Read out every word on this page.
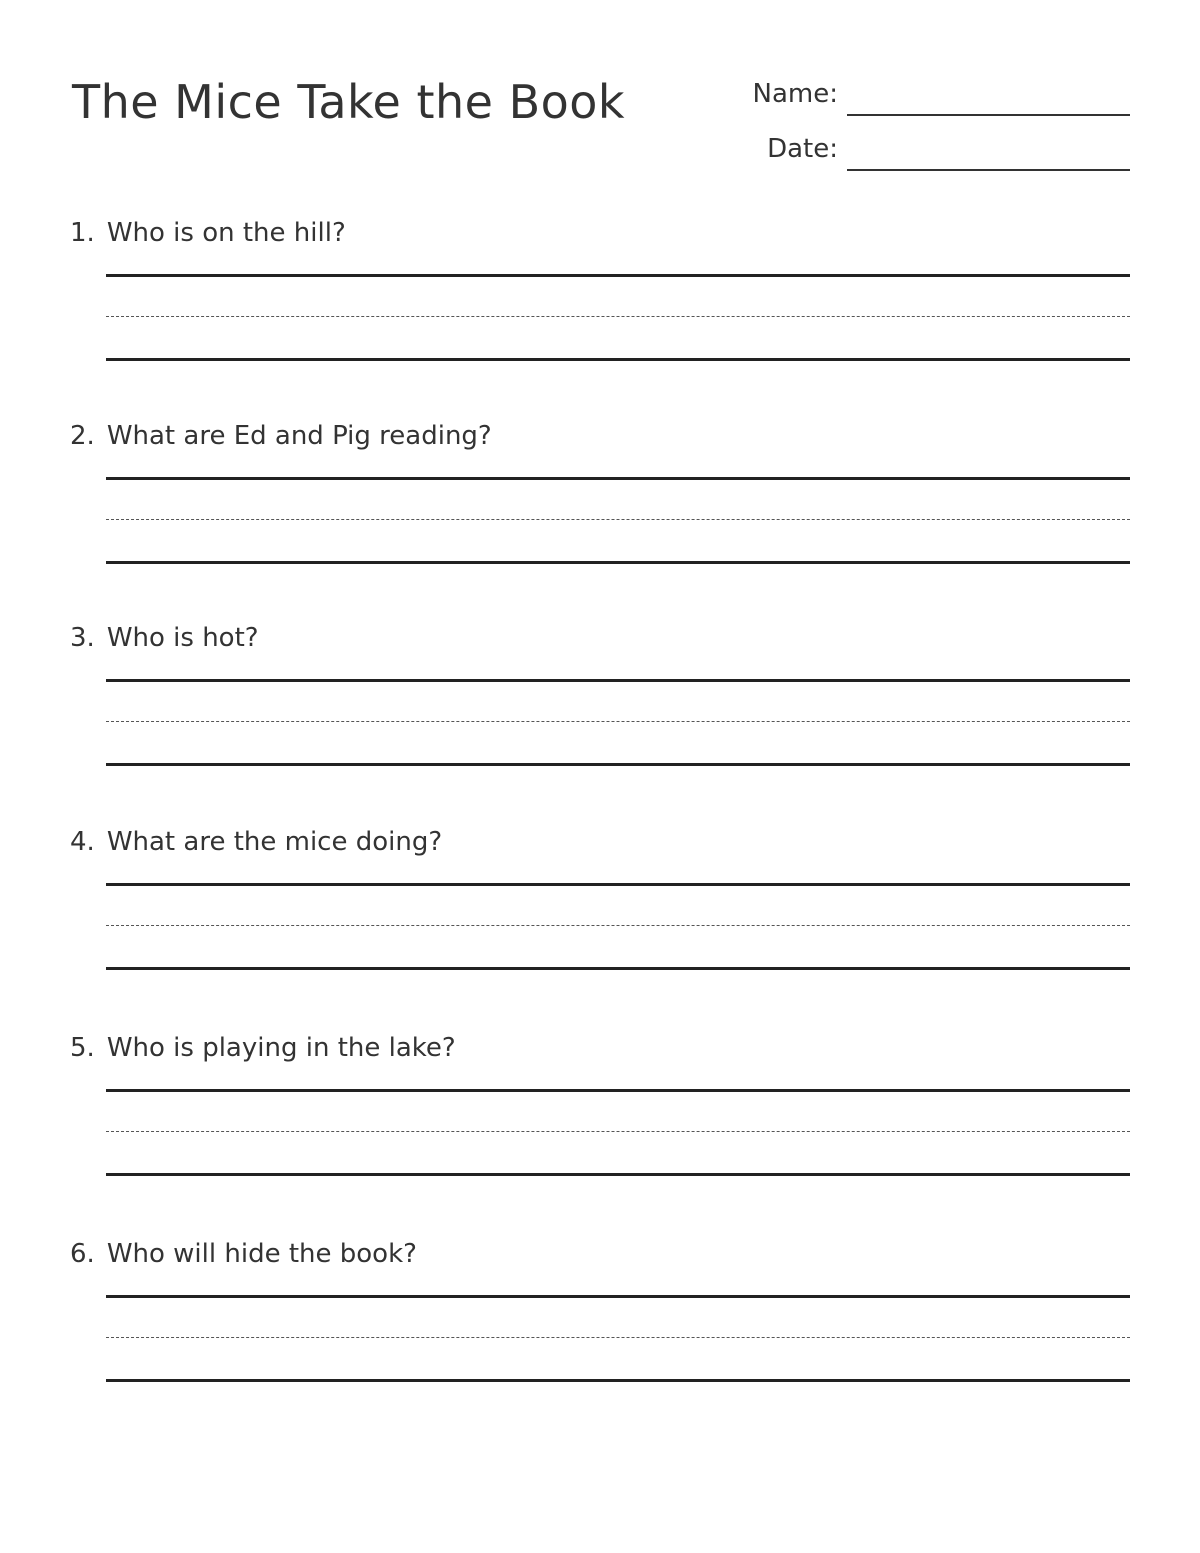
The Mice Take the Book	Name:
Date:
1. Who is on the hill?
2. What are Ed and Pig reading?
3. Who is hot?
4. What are the mice doing?
5. Who is playing in the lake?
6. Who will hide the book?
